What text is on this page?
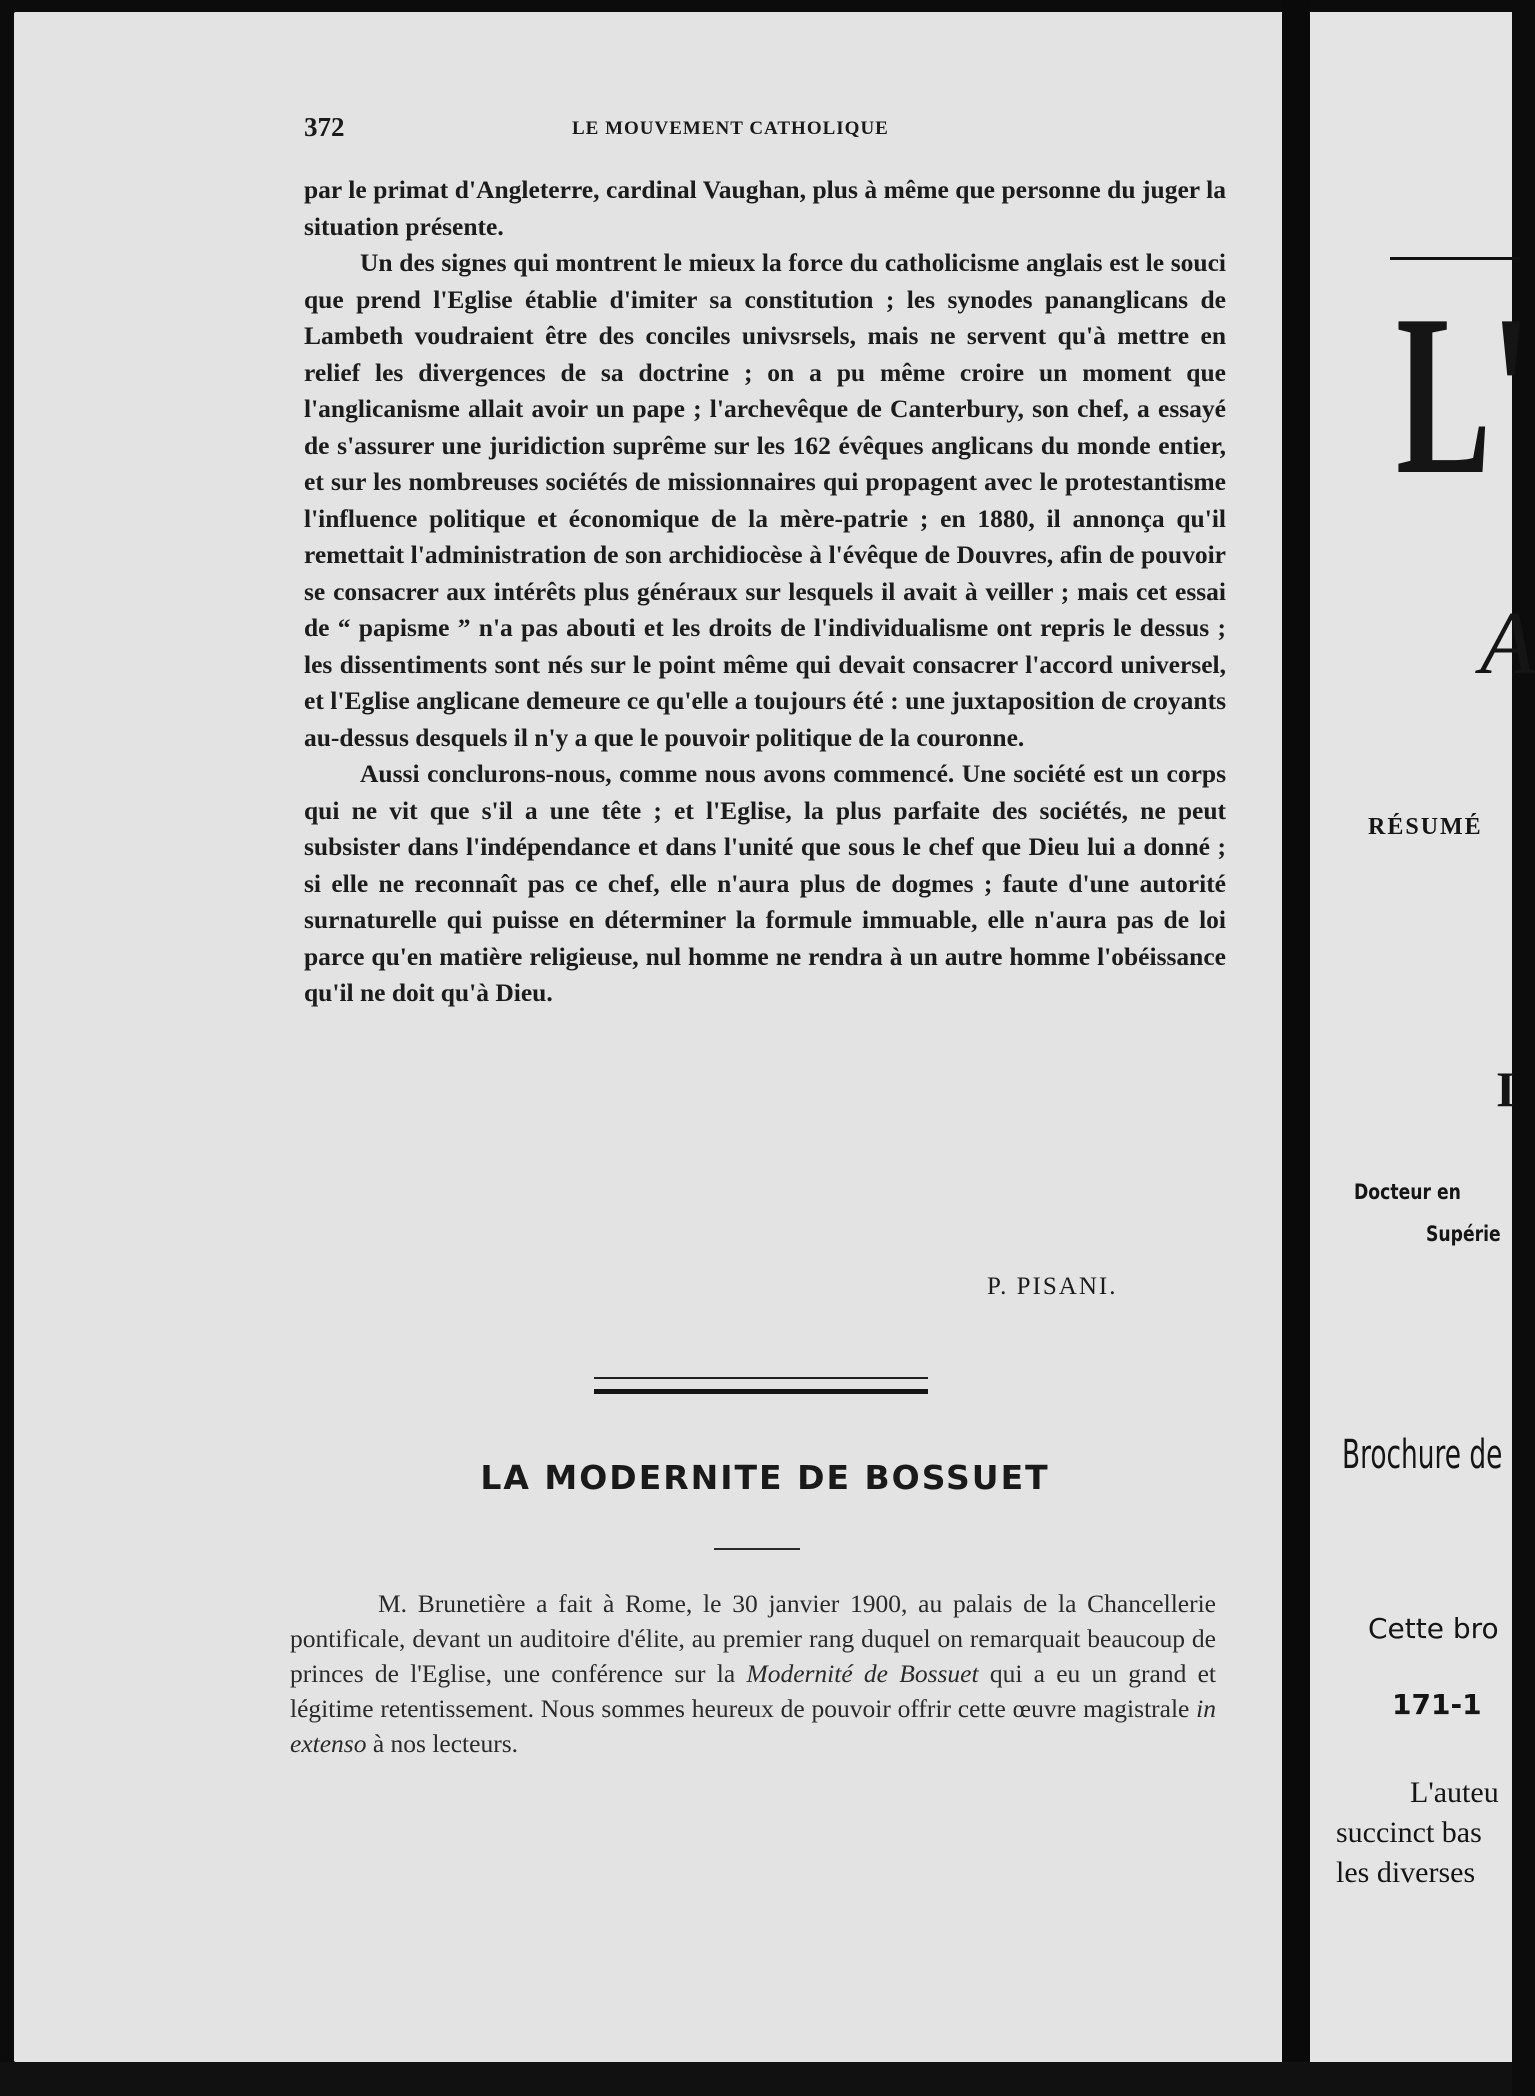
372	LE MOUVEMENT CATHOLIQUE

par le primat d'Angleterre, cardinal Vaughan, plus à même que personne du juger la situation présente.

Un des signes qui montrent le mieux la force du catholicisme anglais est le souci que prend l'Eglise établie d'imiter sa constitution ; les synodes pananglicans de Lambeth voudraient être des conciles univsrsels, mais ne servent qu'à mettre en relief les divergences de sa doctrine ; on a pu même croire un moment que l'anglicanisme allait avoir un pape ; l'archevêque de Canterbury, son chef, a essayé de s'assurer une juridiction suprême sur les 162 évêques anglicans du monde entier, et sur les nombreuses sociétés de missionnaires qui propagent avec le protestantisme l'influence politique et économique de la mère-patrie ; en 1880, il annonça qu'il remettait l'administration de son archidiocèse à l'évêque de Douvres, afin de pouvoir se consacrer aux intérêts plus généraux sur lesquels il avait à veiller ; mais cet essai de “ papisme ” n'a pas abouti et les droits de l'individualisme ont repris le dessus ; les dissentiments sont nés sur le point même qui devait consacrer l'accord universel, et l'Eglise anglicane demeure ce qu'elle a toujours été : une juxtaposition de croyants au-dessus desquels il n'y a que le pouvoir politique de la couronne.

Aussi conclurons-nous, comme nous avons commencé. Une société est un corps qui ne vit que s'il a une tête ; et l'Eglise, la plus parfaite des sociétés, ne peut subsister dans l'indépendance et dans l'unité que sous le chef que Dieu lui a donné ; si elle ne reconnaît pas ce chef, elle n'aura plus de dogmes ; faute d'une autorité surnaturelle qui puisse en déterminer la formule immuable, elle n'aura pas de loi parce qu'en matière religieuse, nul homme ne rendra à un autre homme l'obéissance qu'il ne doit qu'à Dieu.

P. PISANI.
LA MODERNITE DE BOSSUET

M. Brunetière a fait à Rome, le 30 janvier 1900, au palais de la Chancellerie pontificale, devant un auditoire d'élite, au premier rang duquel on remarquait beaucoup de princes de l'Eglise, une conférence sur la Modernité de Bossuet qui a eu un grand et légitime retentissement. Nous sommes heureux de pouvoir offrir cette œuvre magistrale in extenso à nos lecteurs.

L'
A
RÉSUMÉ
I
Docteur en
Supérie
Brochure de
Cette bro
171-1
L'auteu
succinct bas
les diverses
